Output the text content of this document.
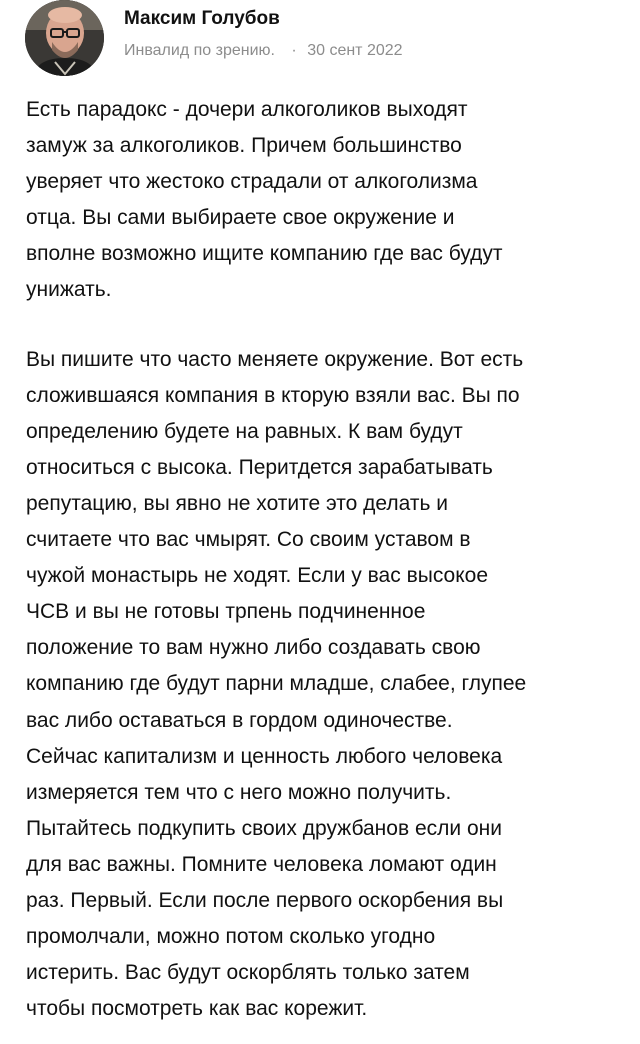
Максим Голубов
Инвалид по зрению. · 30 сент 2022

Есть парадокс - дочери алкоголиков выходят

замуж за алкоголиков. Причем большинство

уверяет что жестоко страдали от алкоголизма

отца. Вы сами выбираете свое окружение и

вполне возможно ищите компанию где вас будут

унижать.

Вы пишите что часто меняете окружение. Вот есть

сложившаяся компания в кторую взяли вас. Вы по

определению будете на равных. К вам будут

относиться с высока. Перитдется зарабатывать

репутацию, вы явно не хотите это делать и

считаете что вас чмырят. Со своим уставом в

чужой монастырь не ходят. Если у вас высокое

ЧСВ и вы не готовы трпень подчиненное

положение то вам нужно либо создавать свою

компанию где будут парни младше, слабее, глупее

вас либо оставаться в гордом одиночестве.

Сейчас капитализм и ценность любого человека

измеряется тем что с него можно получить.

Пытайтесь подкупить своих дружбанов если они

для вас важны. Помните человека ломают один

раз. Первый. Если после первого оскорбения вы

промолчали, можно потом сколько угодно

истерить. Вас будут оскорблять только затем

чтобы посмотреть как вас корежит.
